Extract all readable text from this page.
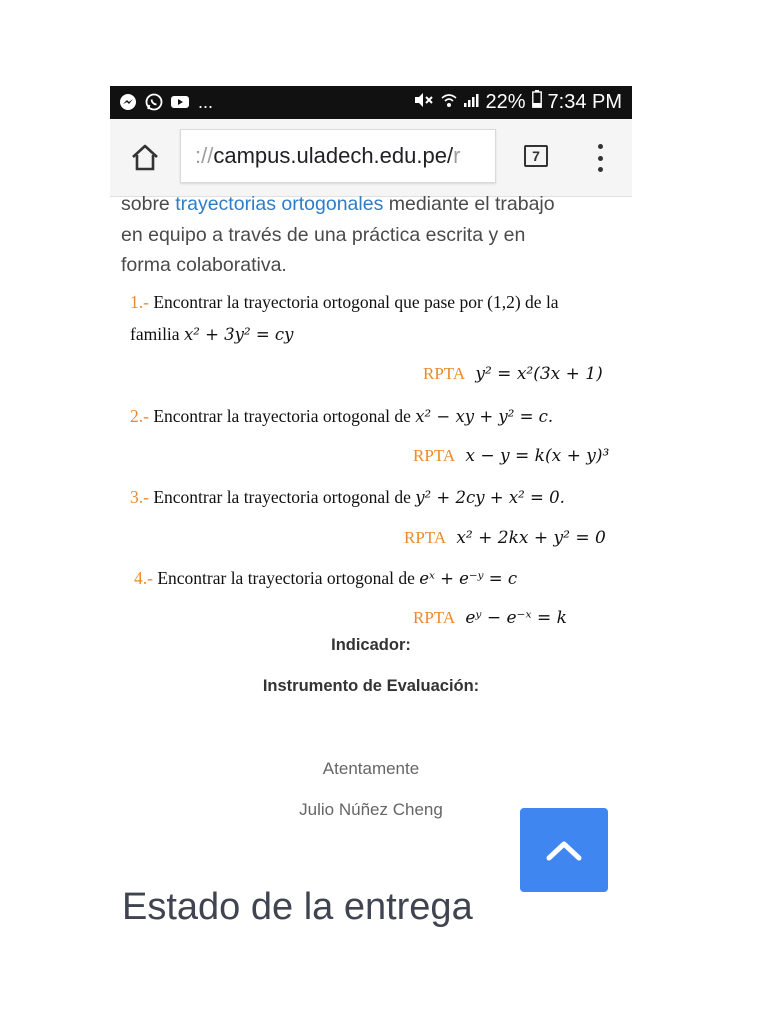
...	22% 7:34 PM
:// campus.uladech.edu.pe/ r	7
sobre trayectorias ortogonales mediante el trabajo
en equipo a través de una práctica escrita y en
forma colaborativa.
1.- Encontrar la trayectoria ortogonal que pase por (1,2) de la
familia x² + 3y² = cy
RPTA y² = x²(3x + 1)
2.- Encontrar la trayectoria ortogonal de x² − xy + y² = c.
RPTA x − y = k(x + y)³
3.- Encontrar la trayectoria ortogonal de y² + 2cy + x² = 0.
RPTA x² + 2kx + y² = 0
4.- Encontrar la trayectoria ortogonal de eˣ + e⁻ʸ = c
RPTA eʸ − e⁻ˣ = k
Indicador:
Instrumento de Evaluación:
Atentamente
Julio Núñez Cheng
Estado de la entrega
